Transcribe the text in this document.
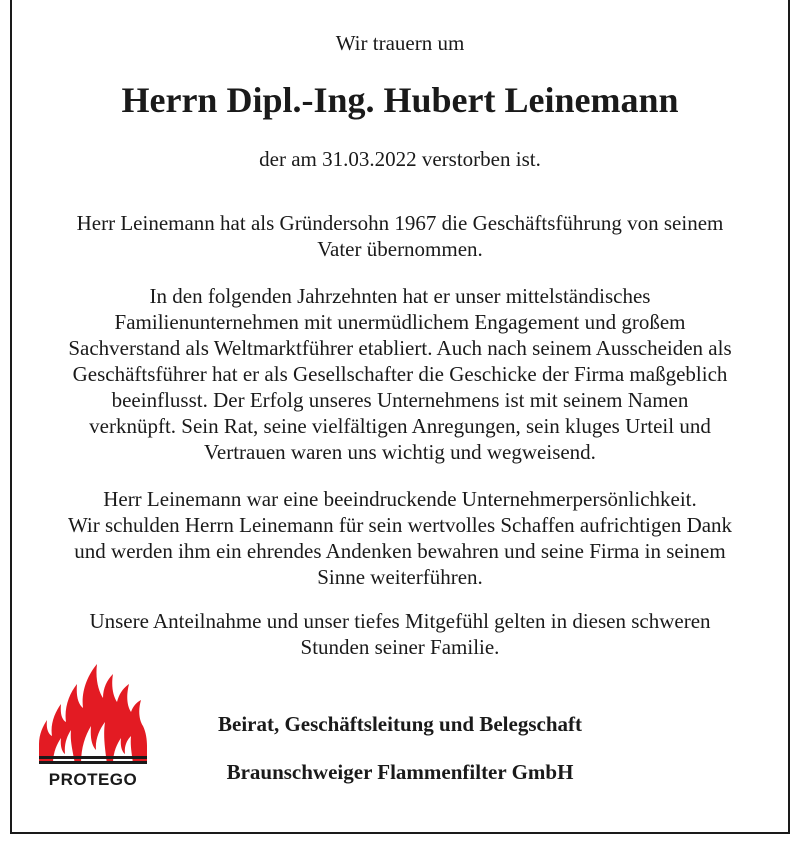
Wir trauern um
Herrn Dipl.-Ing. Hubert Leinemann
der am 31.03.2022 verstorben ist.
Herr Leinemann hat als Gründersohn 1967 die Geschäftsführung von seinem
Vater übernommen.
In den folgenden Jahrzehnten hat er unser mittelständisches
Familienunternehmen mit unermüdlichem Engagement und großem
Sachverstand als Weltmarktführer etabliert. Auch nach seinem Ausscheiden als
Geschäftsführer hat er als Gesellschafter die Geschicke der Firma maßgeblich
beeinflusst. Der Erfolg unseres Unternehmens ist mit seinem Namen
verknüpft. Sein Rat, seine vielfältigen Anregungen, sein kluges Urteil und
Vertrauen waren uns wichtig und wegweisend.
Herr Leinemann war eine beeindruckende Unternehmerpersönlichkeit.
Wir schulden Herrn Leinemann für sein wertvolles Schaffen aufrichtigen Dank
und werden ihm ein ehrendes Andenken bewahren und seine Firma in seinem
Sinne weiterführen.
Unsere Anteilnahme und unser tiefes Mitgefühl gelten in diesen schweren
Stunden seiner Familie.
PROTEGO
Beirat, Geschäftsleitung und Belegschaft
Braunschweiger Flammenfilter GmbH
